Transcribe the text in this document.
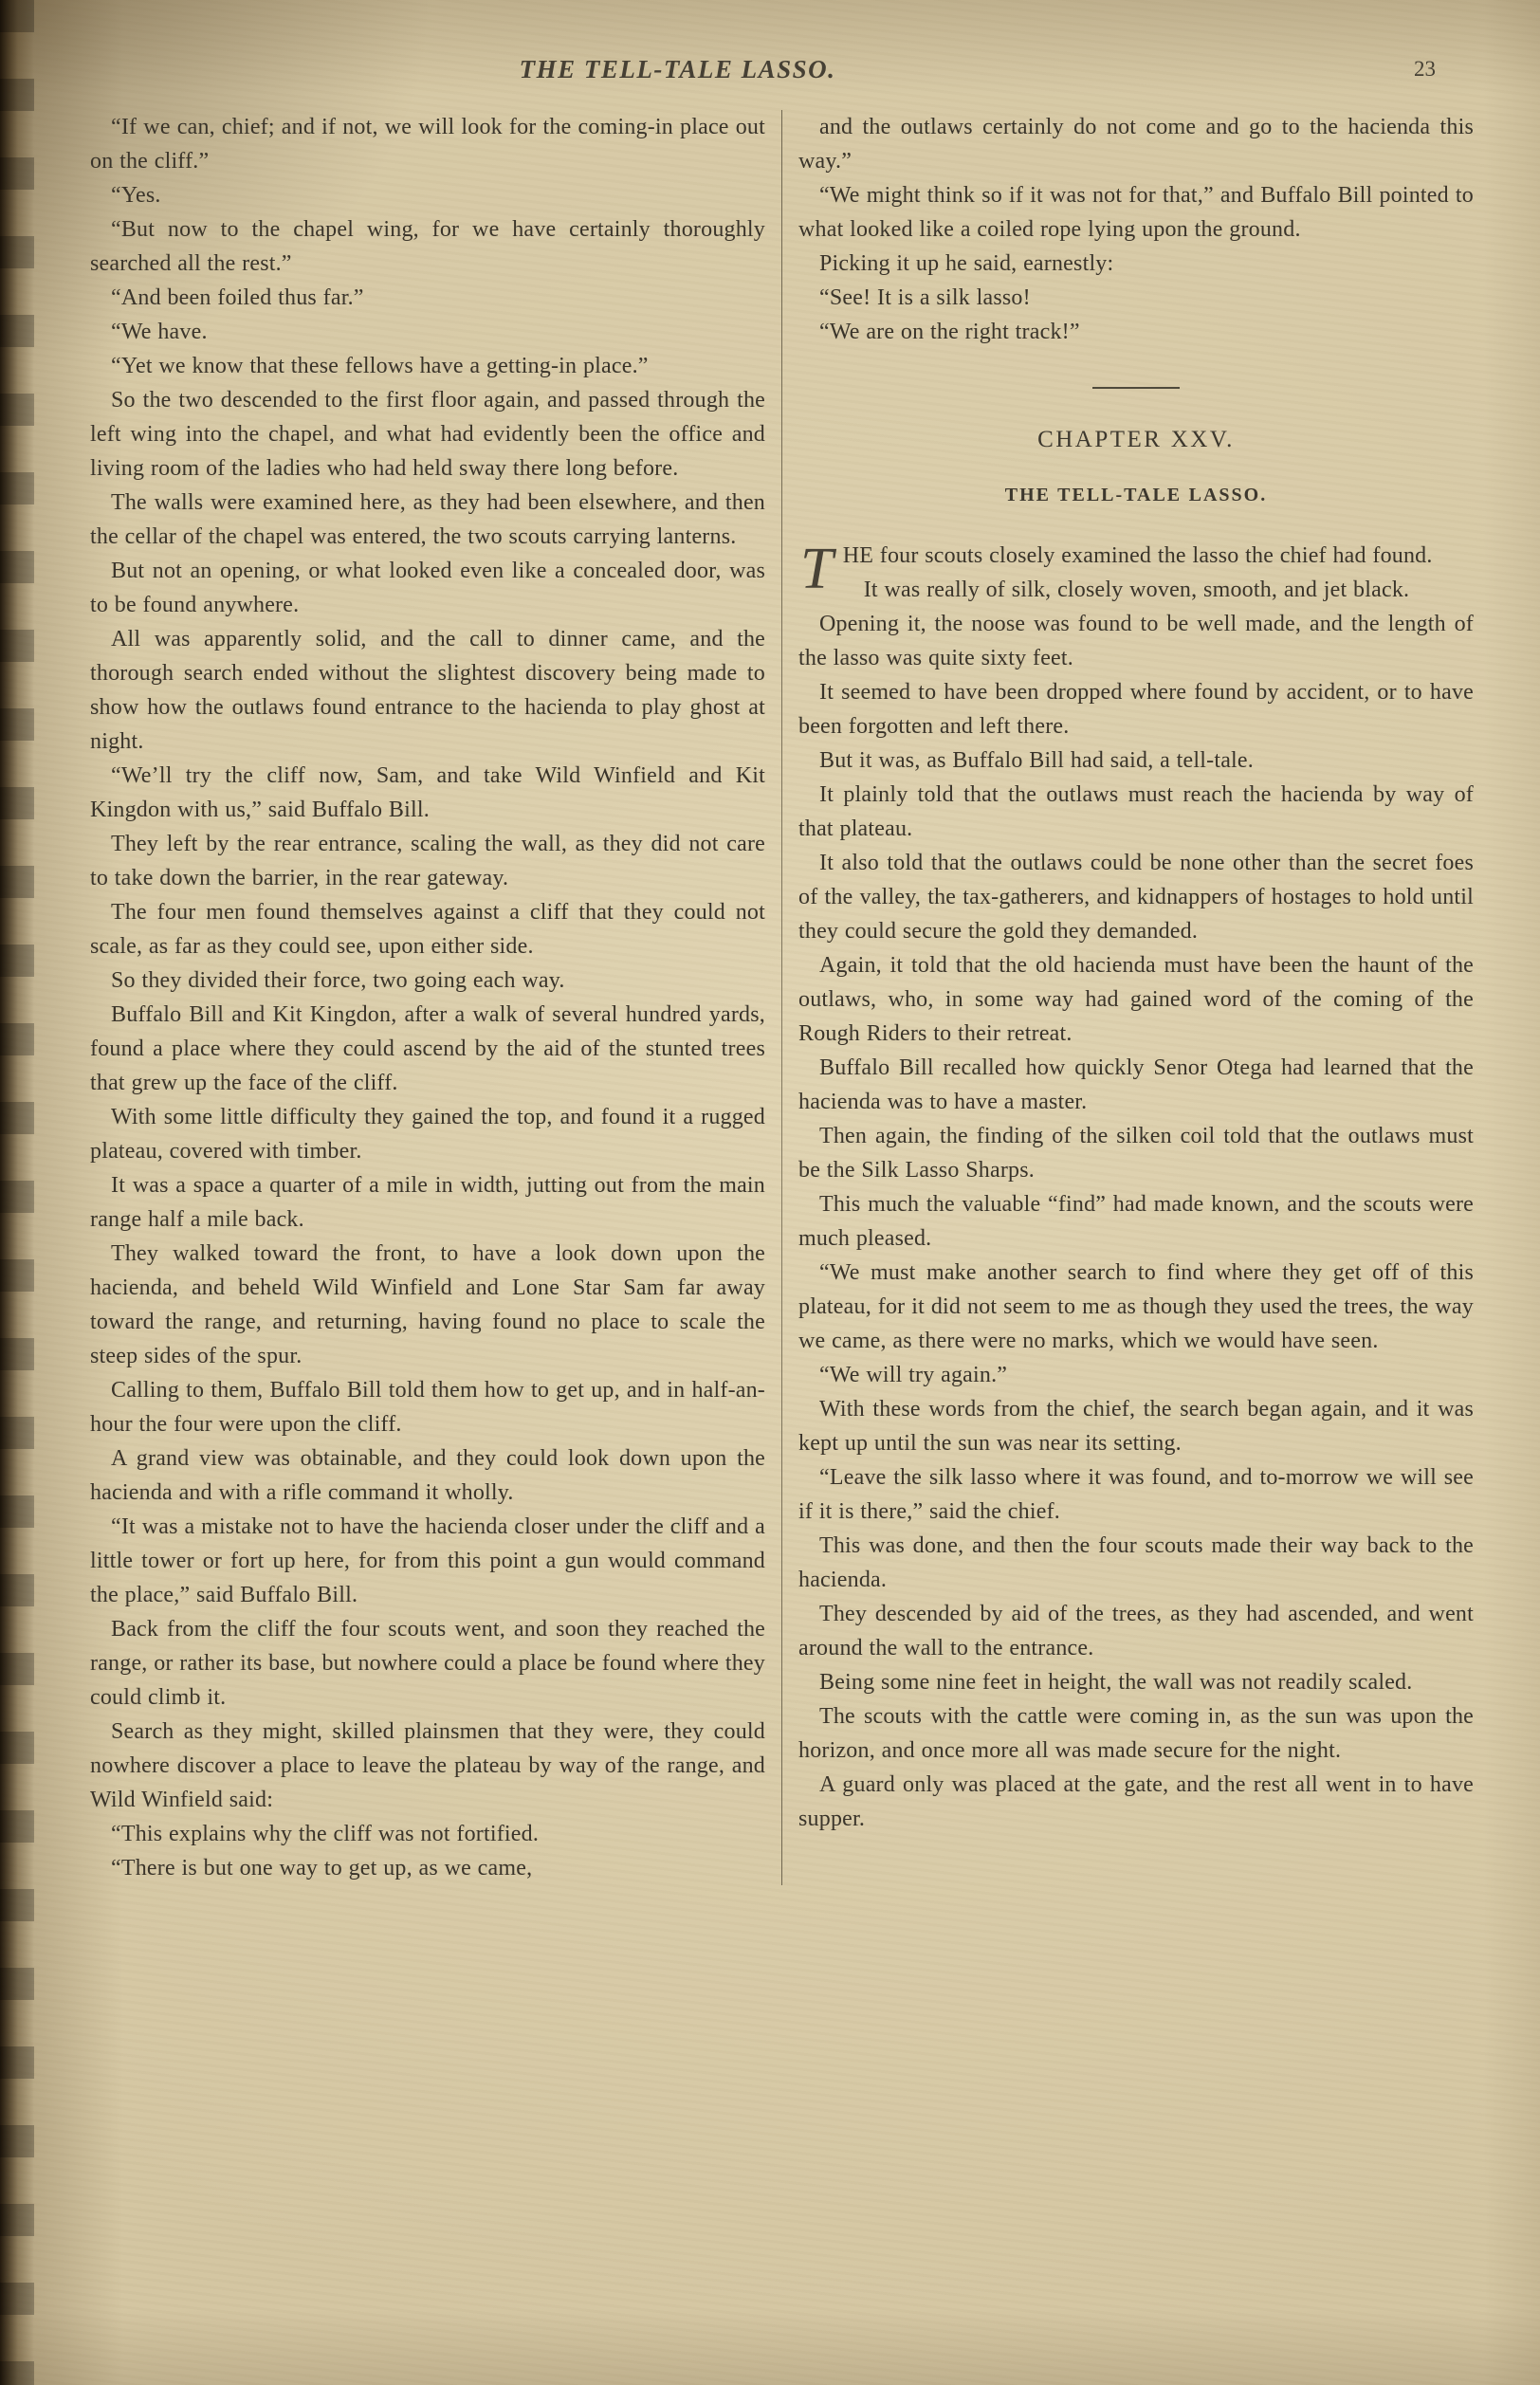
THE TELL-TALE LASSO.	23

“If we can, chief; and if not, we will look for the coming-in place out on the cliff.”

“Yes.

“But now to the chapel wing, for we have certainly thoroughly searched all the rest.”

“And been foiled thus far.”

“We have.

“Yet we know that these fellows have a getting-in place.”

So the two descended to the first floor again, and passed through the left wing into the chapel, and what had evidently been the office and living room of the ladies who had held sway there long before.

The walls were examined here, as they had been elsewhere, and then the cellar of the chapel was entered, the two scouts carrying lanterns.

But not an opening, or what looked even like a concealed door, was to be found anywhere.

All was apparently solid, and the call to dinner came, and the thorough search ended without the slightest discovery being made to show how the outlaws found entrance to the hacienda to play ghost at night.

“We’ll try the cliff now, Sam, and take Wild Winfield and Kit Kingdon with us,” said Buffalo Bill.

They left by the rear entrance, scaling the wall, as they did not care to take down the barrier, in the rear gateway.

The four men found themselves against a cliff that they could not scale, as far as they could see, upon either side.

So they divided their force, two going each way.

Buffalo Bill and Kit Kingdon, after a walk of several hundred yards, found a place where they could ascend by the aid of the stunted trees that grew up the face of the cliff.

With some little difficulty they gained the top, and found it a rugged plateau, covered with timber.

It was a space a quarter of a mile in width, jutting out from the main range half a mile back.

They walked toward the front, to have a look down upon the hacienda, and beheld Wild Winfield and Lone Star Sam far away toward the range, and returning, having found no place to scale the steep sides of the spur.

Calling to them, Buffalo Bill told them how to get up, and in half-an-hour the four were upon the cliff.

A grand view was obtainable, and they could look down upon the hacienda and with a rifle command it wholly.

“It was a mistake not to have the hacienda closer under the cliff and a little tower or fort up here, for from this point a gun would command the place,” said Buffalo Bill.

Back from the cliff the four scouts went, and soon they reached the range, or rather its base, but nowhere could a place be found where they could climb it.

Search as they might, skilled plainsmen that they were, they could nowhere discover a place to leave the plateau by way of the range, and Wild Winfield said:

“This explains why the cliff was not fortified.

“There is but one way to get up, as we came,

and the outlaws certainly do not come and go to the hacienda this way.”

“We might think so if it was not for that,” and Buffalo Bill pointed to what looked like a coiled rope lying upon the ground.

Picking it up he said, earnestly:

“See! It is a silk lasso!

“We are on the right track!”

CHAPTER XXV.
THE TELL-TALE LASSO.

THE four scouts closely examined the lasso the chief had found.

It was really of silk, closely woven, smooth, and jet black.

Opening it, the noose was found to be well made, and the length of the lasso was quite sixty feet.

It seemed to have been dropped where found by accident, or to have been forgotten and left there.

But it was, as Buffalo Bill had said, a tell-tale.

It plainly told that the outlaws must reach the hacienda by way of that plateau.

It also told that the outlaws could be none other than the secret foes of the valley, the tax-gatherers, and kidnappers of hostages to hold until they could secure the gold they demanded.

Again, it told that the old hacienda must have been the haunt of the outlaws, who, in some way had gained word of the coming of the Rough Riders to their retreat.

Buffalo Bill recalled how quickly Senor Otega had learned that the hacienda was to have a master.

Then again, the finding of the silken coil told that the outlaws must be the Silk Lasso Sharps.

This much the valuable “find” had made known, and the scouts were much pleased.

“We must make another search to find where they get off of this plateau, for it did not seem to me as though they used the trees, the way we came, as there were no marks, which we would have seen.

“We will try again.”

With these words from the chief, the search began again, and it was kept up until the sun was near its setting.

“Leave the silk lasso where it was found, and to-morrow we will see if it is there,” said the chief.

This was done, and then the four scouts made their way back to the hacienda.

They descended by aid of the trees, as they had ascended, and went around the wall to the entrance.

Being some nine feet in height, the wall was not readily scaled.

The scouts with the cattle were coming in, as the sun was upon the horizon, and once more all was made secure for the night.

A guard only was placed at the gate, and the rest all went in to have supper.
